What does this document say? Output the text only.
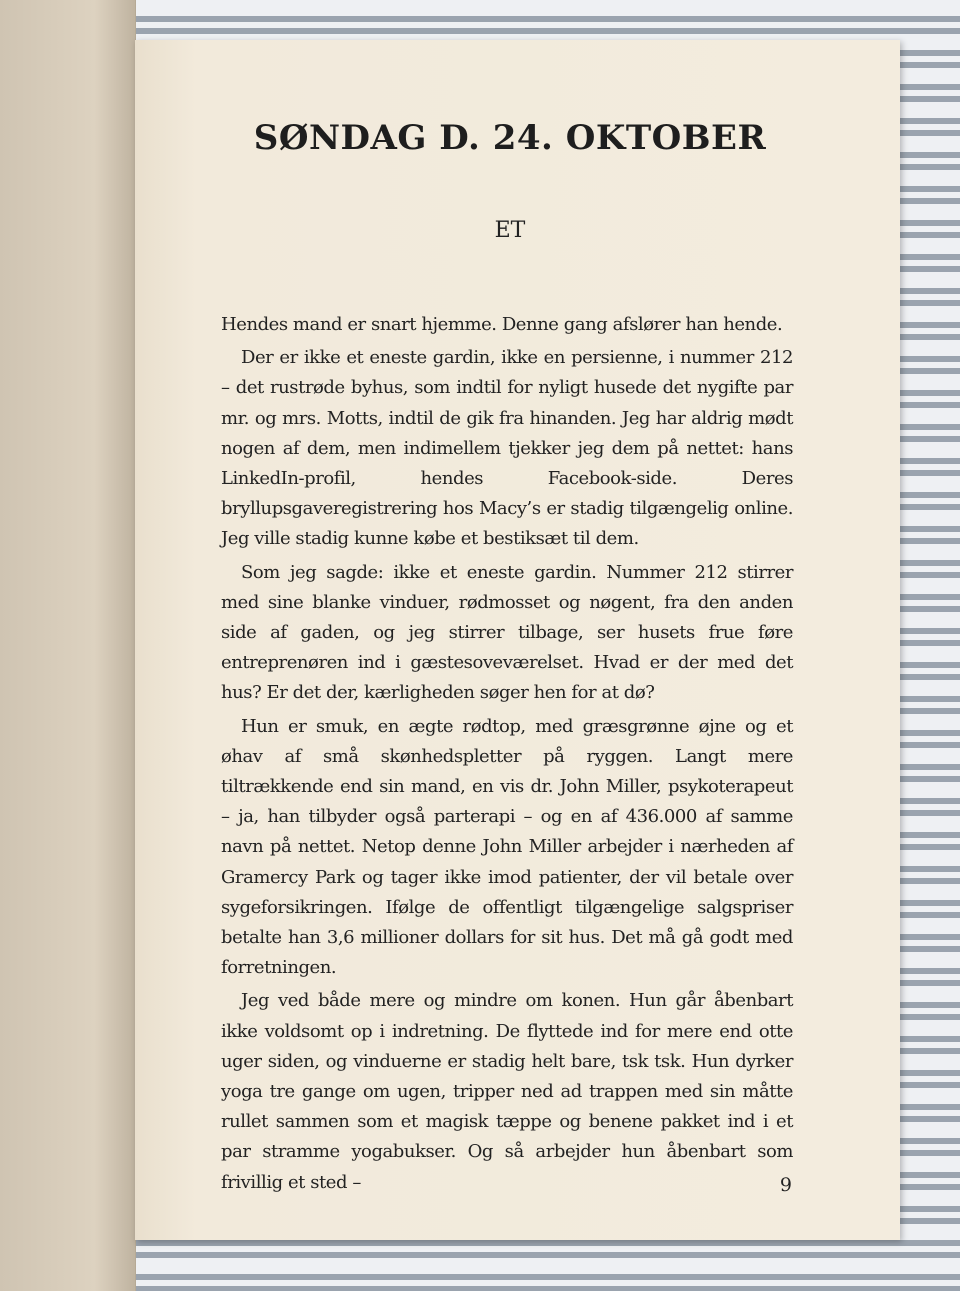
SØNDAG D. 24. OKTOBER
ET

Hendes mand er snart hjemme. Denne gang afslører han hende.

Der er ikke et eneste gardin, ikke en persienne, i nummer 212 – det rustrøde byhus, som indtil for nyligt husede det nygifte par mr. og mrs. Motts, indtil de gik fra hinanden. Jeg har aldrig mødt nogen af dem, men indimellem tjekker jeg dem på nettet: hans LinkedIn-profil, hendes Facebook-side. Deres bryllupsgaveregistrering hos Macy’s er stadig tilgængelig online. Jeg ville stadig kunne købe et bestiksæt til dem.

Som jeg sagde: ikke et eneste gardin. Nummer 212 stirrer med sine blanke vinduer, rødmosset og nøgent, fra den anden side af gaden, og jeg stirrer tilbage, ser husets frue føre entreprenøren ind i gæstesoveværelset. Hvad er der med det hus? Er det der, kærligheden søger hen for at dø?

Hun er smuk, en ægte rødtop, med græsgrønne øjne og et øhav af små skønhedspletter på ryggen. Langt mere tiltrækkende end sin mand, en vis dr. John Miller, psykoterapeut – ja, han tilbyder også parterapi – og en af 436.000 af samme navn på nettet. Netop denne John Miller arbejder i nærheden af Gramercy Park og tager ikke imod patienter, der vil betale over sygeforsikringen. Ifølge de offentligt tilgængelige salgspriser betalte han 3,6 millioner dollars for sit hus. Det må gå godt med forretningen.

Jeg ved både mere og mindre om konen. Hun går åbenbart ikke voldsomt op i indretning. De flyttede ind for mere end otte uger siden, og vinduerne er stadig helt bare, tsk tsk. Hun dyrker yoga tre gange om ugen, tripper ned ad trappen med sin måtte rullet sammen som et magisk tæppe og benene pakket ind i et par stramme yogabukser. Og så arbejder hun åbenbart som frivillig et sted –	9
